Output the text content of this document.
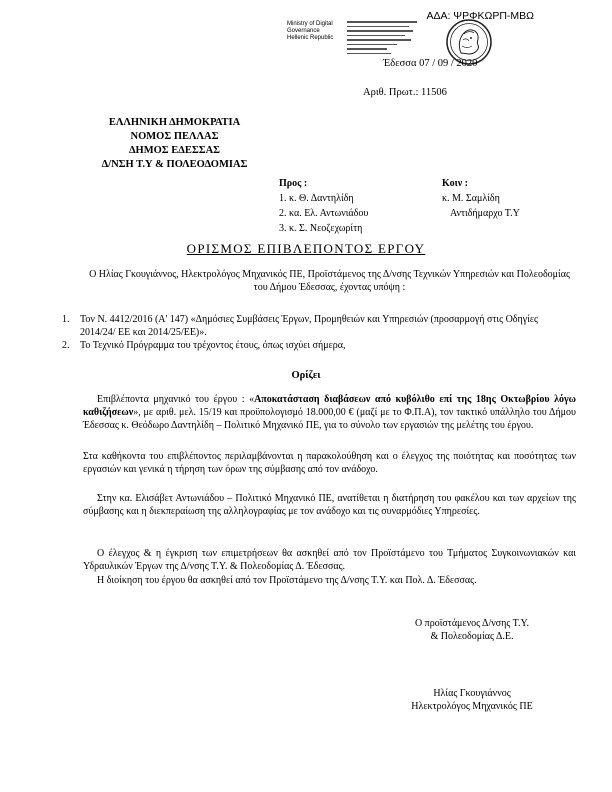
ΑΔΑ: ΨΡΦΚΩΡΠ-ΜΒΩ
Ministry of Digital
Governance
Hellenic Republic
Έδεσσα 07 / 09 / 2020
Αριθ. Πρωτ.: 11506
ΕΛΛΗΝΙΚΗ ΔΗΜΟΚΡΑΤΙΑ
ΝΟΜΟΣ ΠΕΛΛΑΣ
ΔΗΜΟΣ ΕΔΕΣΣΑΣ
Δ/ΝΣΗ Τ.Υ & ΠΟΛΕΟΔΟΜΙΑΣ
Προς :
1. κ. Θ. Δαντηλίδη
2. κα. Ελ. Αντωνιάδου
3. κ. Σ. Νεοζεχωρίτη
Κοιν :
κ. Μ. Σαμλίδη
Αντιδήμαρχο Τ.Υ
ΟΡΙΣΜΟΣ ΕΠΙΒΛΕΠΟΝΤΟΣ ΕΡΓΟΥ
Ο Ηλίας Γκουγιάννος, Ηλεκτρολόγος Μηχανικός ΠΕ, Προϊστάμενος της Δ/νσης Τεχνικών Υπηρεσιών και Πολεοδομίας του Δήμου Έδεσσας, έχοντας υπόψη :
1.	Τον Ν. 4412/2016 (Α' 147) «Δημόσιες Συμβάσεις Έργων, Προμηθειών και Υπηρεσιών (προσαρμογή στις Οδηγίες 2014/24/ ΕΕ και 2014/25/ΕΕ)».
2.	Το Τεχνικό Πρόγραμμα του τρέχοντος έτους, όπως ισχύει σήμερα,
Ορίζει
Επιβλέποντα μηχανικό του έργου : «Αποκατάσταση διαβάσεων από κυβόλιθο επί της 18ης Οκτωβρίου λόγω καθιζήσεων», με αριθ. μελ. 15/19 και προϋπολογισμό 18.000,00 € (μαζί με το Φ.Π.Α), τον τακτικό υπάλληλο του Δήμου Έδεσσας κ. Θεόδωρο Δαντηλίδη – Πολιτικό Μηχανικό ΠΕ, για το σύνολο των εργασιών της μελέτης του έργου.
Στα καθήκοντα του επιβλέποντος περιλαμβάνονται η παρακολούθηση και ο έλεγχος της ποιότητας και ποσότητας των εργασιών και γενικά η τήρηση των όρων της σύμβασης από τον ανάδοχο.
Στην κα. Ελισάβετ Αντωνιάδου – Πολιτικό Μηχανικό ΠΕ, ανατίθεται η διατήρηση του φακέλου και των αρχείων της σύμβασης και η διεκπεραίωση της αλληλογραφίας με τον ανάδοχο και τις συναρμόδιες Υπηρεσίες.
Ο έλεγχος & η έγκριση των επιμετρήσεων θα ασκηθεί από τον Προϊστάμενο του Τμήματος Συγκοινωνιακών και Υδραυλικών Έργων της Δ/νσης Τ.Υ. & Πολεοδομίας Δ. Έδεσσας.
Η διοίκηση του έργου θα ασκηθεί από τον Προϊστάμενο της Δ/νσης Τ.Υ. και Πολ. Δ. Έδεσσας.
Ο προϊστάμενος Δ/νσης Τ.Υ.
& Πολεοδομίας Δ.Ε.
Ηλίας Γκουγιάννος
Ηλεκτρολόγος Μηχανικός ΠΕ
